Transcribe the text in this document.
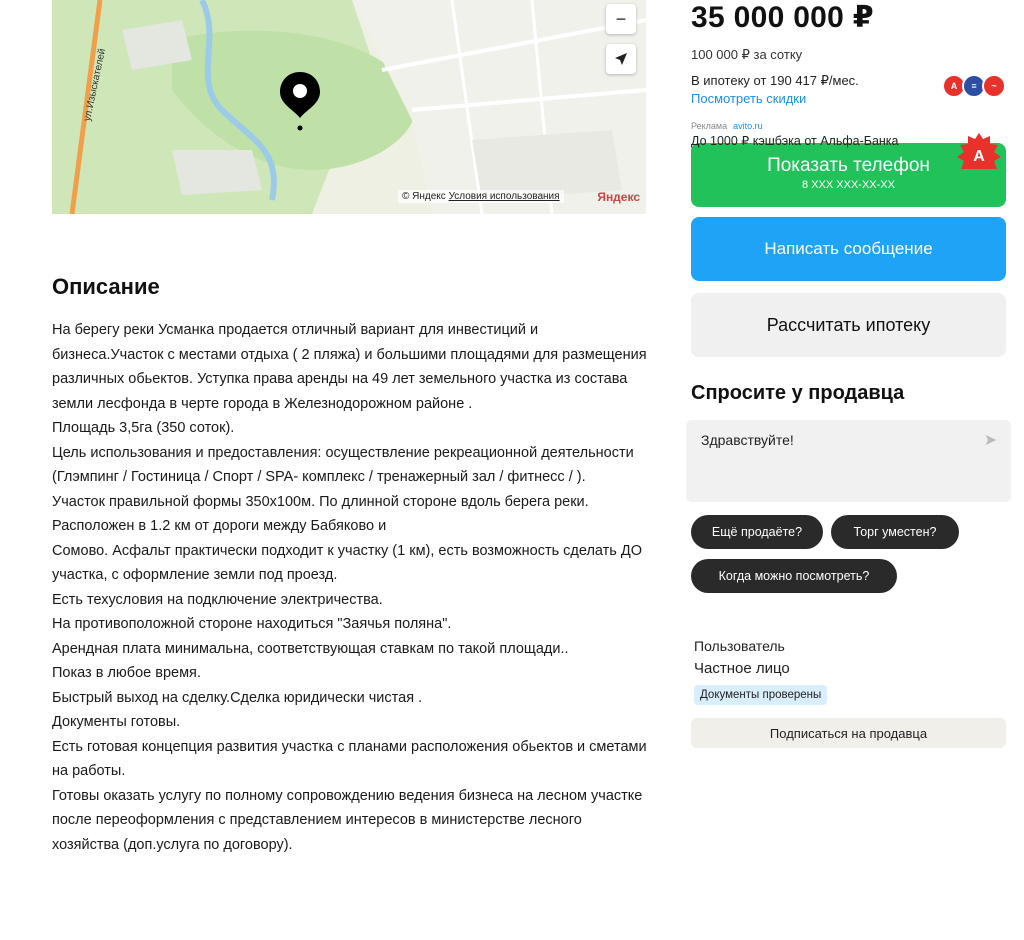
ул.Изыскателей
−
© Яндекс Условия использования	Яндекс
Описание

На берегу реки Усманка продается отличный вариант для инвестиций и бизнеса.Участок с местами отдыха ( 2 пляжа) и большими площадями для размещения различных обьектов. Уступка права аренды на 49 лет земельного участка из состава земли лесфонда в черте города в Железнодорожном районе .

Площадь 3,5га (350 соток).

Цель использования и предоставления: осуществление рекреационной деятельности (Глэмпинг / Гостиница / Спорт / SPA- комплекс / тренажерный зал / фитнесс / ).

Участок правильной формы 350х100м. По длинной стороне вдоль берега реки.

Расположен в 1.2 км от дороги между Бабяково и

Сомово. Асфальт практически подходит к участку (1 км), есть возможность сделать ДО участка, с оформление земли под проезд.

Есть техусловия на подключение электричества.

На противоположной стороне находиться "Заячья поляна".

Арендная плата минимальна, соответствующая ставкам по такой площади..

Показ в любое время.

Быстрый выход на сделку.Сделка юридически чистая .

Документы готовы.

Есть готовая концепция развития участка с планами расположения обьектов и сметами на работы.

Готовы оказать услугу по полному сопровождению ведения бизнеса на лесном участке после переоформления с представлением интересов в министерстве лесного хозяйства (доп.услуга по договору).

35 000 000 ₽
100 000 ₽ за сотку
В ипотеку от 190 417 ₽/мес.
Посмотреть скидки
A	≡	~
Реклама avito.ru
До 1000 ₽ кэшбэка от Альфа-Банка
Показать телефон
8 XXX XXX-XX-XX
A
Написать сообщение
Рассчитать ипотеку
Спросите у продавца
Здравствуйте!	➤
Ещё продаёте?	Торг уместен?
Когда можно посмотреть?
Пользователь
Частное лицо
Документы проверены
Подписаться на продавца
